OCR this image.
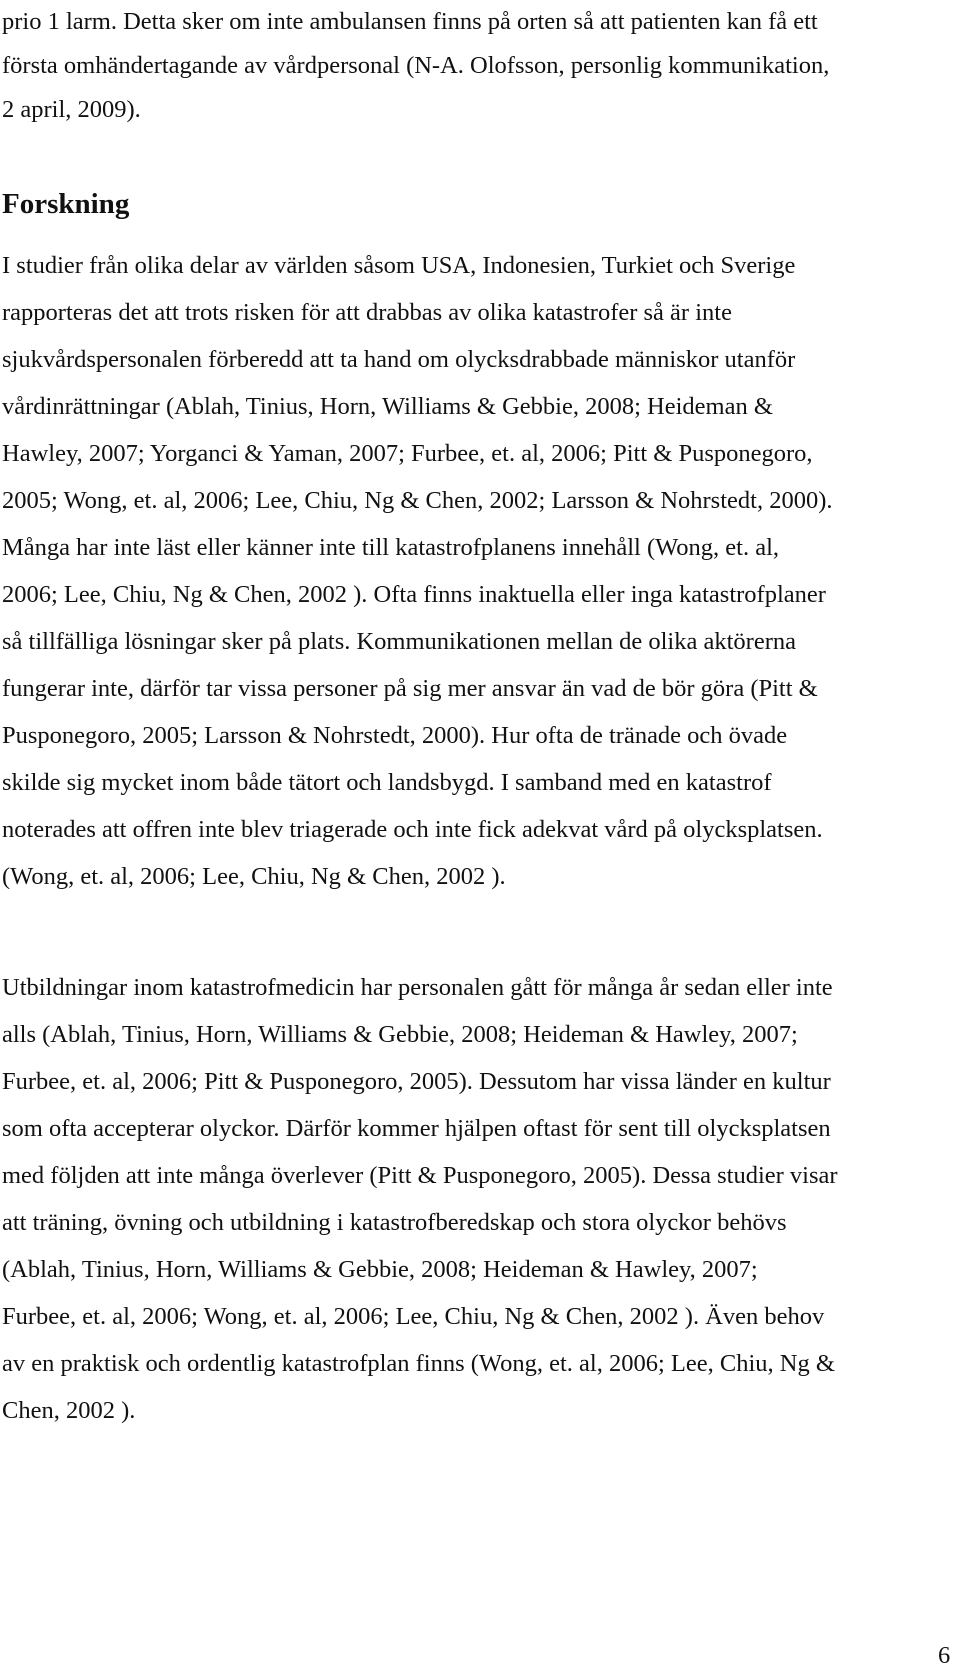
prio 1 larm. Detta sker om inte ambulansen finns på orten så att patienten kan få ett
första omhändertagande av vårdpersonal (N-A. Olofsson, personlig kommunikation,
2 april, 2009).

Forskning

I studier från olika delar av världen såsom USA, Indonesien, Turkiet och Sverige
rapporteras det att trots risken för att drabbas av olika katastrofer så är inte
sjukvårdspersonalen förberedd att ta hand om olycksdrabbade människor utanför
vårdinrättningar (Ablah, Tinius, Horn, Williams & Gebbie, 2008; Heideman &
Hawley, 2007; Yorganci & Yaman, 2007; Furbee, et. al, 2006; Pitt & Pusponegoro,
2005; Wong, et. al, 2006; Lee, Chiu, Ng & Chen, 2002; Larsson & Nohrstedt, 2000).
Många har inte läst eller känner inte till katastrofplanens innehåll (Wong, et. al,
2006; Lee, Chiu, Ng & Chen, 2002 ). Ofta finns inaktuella eller inga katastrofplaner
så tillfälliga lösningar sker på plats. Kommunikationen mellan de olika aktörerna
fungerar inte, därför tar vissa personer på sig mer ansvar än vad de bör göra (Pitt &
Pusponegoro, 2005; Larsson & Nohrstedt, 2000). Hur ofta de tränade och övade
skilde sig mycket inom både tätort och landsbygd. I samband med en katastrof
noterades att offren inte blev triagerade och inte fick adekvat vård på olycksplatsen.
(Wong, et. al, 2006; Lee, Chiu, Ng & Chen, 2002 ).

Utbildningar inom katastrofmedicin har personalen gått för många år sedan eller inte
alls (Ablah, Tinius, Horn, Williams & Gebbie, 2008; Heideman & Hawley, 2007;
Furbee, et. al, 2006; Pitt & Pusponegoro, 2005). Dessutom har vissa länder en kultur
som ofta accepterar olyckor. Därför kommer hjälpen oftast för sent till olycksplatsen
med följden att inte många överlever (Pitt & Pusponegoro, 2005). Dessa studier visar
att träning, övning och utbildning i katastrofberedskap och stora olyckor behövs
(Ablah, Tinius, Horn, Williams & Gebbie, 2008; Heideman & Hawley, 2007;
Furbee, et. al, 2006; Wong, et. al, 2006; Lee, Chiu, Ng & Chen, 2002 ). Även behov
av en praktisk och ordentlig katastrofplan finns (Wong, et. al, 2006; Lee, Chiu, Ng &
Chen, 2002 ).

6
